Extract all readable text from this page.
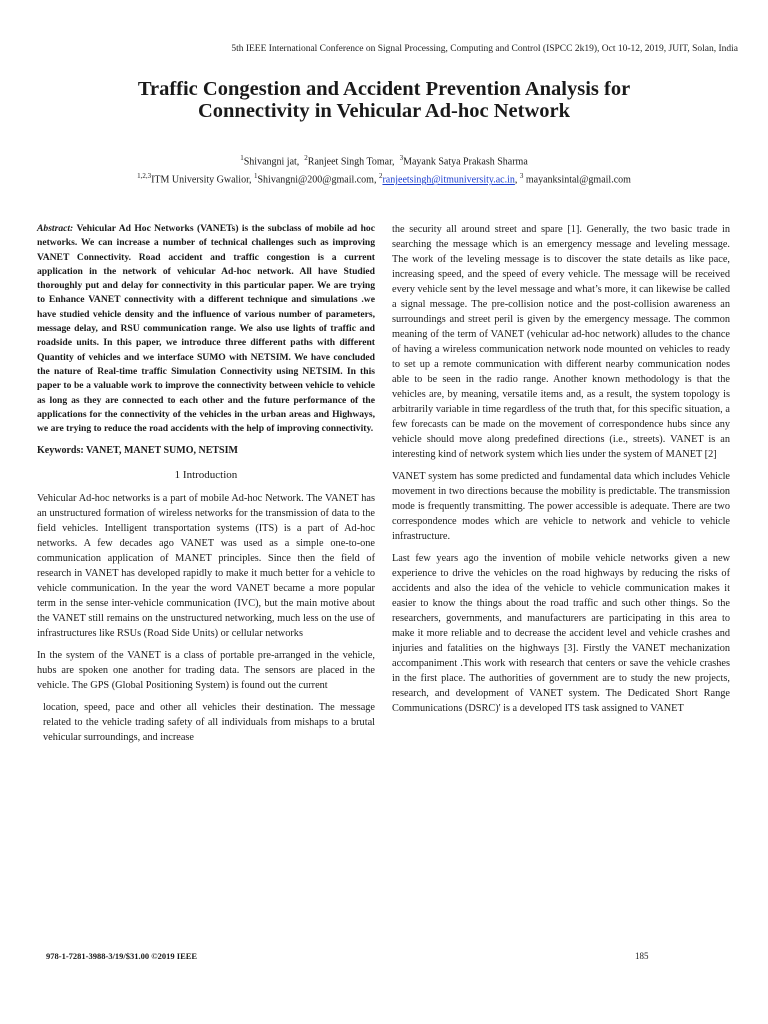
5th IEEE International Conference on Signal Processing, Computing and Control (ISPCC 2k19), Oct 10-12, 2019, JUIT, Solan, India
Traffic Congestion and Accident Prevention Analysis for
Connectivity in Vehicular Ad-hoc Network
$^1$Shivangni jat, $^2$Ranjeet Singh Tomar, $^3$Mayank Satya Prakash Sharma
$^{1,2,3}$ITM University Gwalior, $^1$Shivangni@200@gmail.com, $^2$ranjeetsingh@itmuniversity.ac.in, $^3$ mayanksintal@gmail.com

Abstract: Vehicular Ad Hoc Networks (VANETs) is the subclass of mobile ad hoc networks. We can increase a number of technical challenges such as improving VANET Connectivity. Road accident and traffic congestion is a current application in the network of vehicular Ad-hoc network. All have Studied thoroughly put and delay for connectivity in this particular paper. We are trying to Enhance VANET connectivity with a different technique and simulations .we have studied vehicle density and the influence of various number of parameters, message delay, and RSU communication range. We also use lights of traffic and roadside units. In this paper, we introduce three different paths with different Quantity of vehicles and we interface SUMO with NETSIM. We have concluded the nature of Real-time traffic Simulation Connectivity using NETSIM. In this paper to be a valuable work to improve the connectivity between vehicle to vehicle as long as they are connected to each other and the future performance of the applications for the connectivity of the vehicles in the urban areas and Highways, we are trying to reduce the road accidents with the help of improving connectivity.

Keywords: VANET, MANET SUMO, NETSIM

1 Introduction

Vehicular Ad-hoc networks is a part of mobile Ad-hoc Network. The VANET has an unstructured formation of wireless networks for the transmission of data to the field vehicles. Intelligent transportation systems (ITS) is a part of Ad-hoc networks. A few decades ago VANET was used as a simple one-to-one communication application of MANET principles. Since then the field of research in VANET has developed rapidly to make it much better for a vehicle to vehicle communication. In the year the word VANET became a more popular term in the sense inter-vehicle communication (IVC), but the main motive about the VANET still remains on the unstructured networking, much less on the use of infrastructures like RSUs (Road Side Units) or cellular networks

In the system of the VANET is a class of portable pre-arranged in the vehicle, hubs are spoken one another for trading data. The sensors are placed in the vehicle. The GPS (Global Positioning System) is found out the current

location, speed, pace and other all vehicles their destination. The message related to the vehicle trading safety of all individuals from mishaps to a brutal vehicular surroundings, and increase

the security all around street and spare [1]. Generally, the two basic trade in searching the message which is an emergency message and leveling message. The work of the leveling message is to discover the state details as like pace, increasing speed, and the speed of every vehicle. The message will be received every vehicle sent by the level message and what’s more, it can likewise be called a signal message. The pre-collision notice and the post-collision awareness an surroundings and street peril is given by the emergency message. The common meaning of the term of VANET (vehicular ad-hoc network) alludes to the chance of having a wireless communication network node mounted on vehicles to ready to set up a remote communication with different nearby communication nodes able to be seen in the radio range. Another known methodology is that the vehicles are, by meaning, versatile items and, as a result, the system topology is arbitrarily variable in time regardless of the truth that, for this specific situation, a few forecasts can be made on the movement of correspondence hubs since any vehicle should move along predefined directions (i.e., streets). VANET is an interesting kind of network system which lies under the system of MANET [2]

VANET system has some predicted and fundamental data which includes Vehicle movement in two directions because the mobility is predictable. The transmission mode is frequently transmitting. The power accessible is adequate. There are two correspondence modes which are vehicle to network and vehicle to vehicle infrastructure.

Last few years ago the invention of mobile vehicle networks given a new experience to drive the vehicles on the road highways by reducing the risks of accidents and also the idea of the vehicle to vehicle communication makes it easier to know the things about the road traffic and such other things. So the researchers, governments, and manufacturers are participating in this area to make it more reliable and to decrease the accident level and vehicle crashes and injuries and fatalities on the highways [3]. Firstly the VANET mechanization accompaniment .This work with research that centers or save the vehicle crashes in the first place. The authorities of government are to study the new projects, research, and development of VANET system. The Dedicated Short Range Communications (DSRC)' is a developed ITS task assigned to VANET

978-1-7281-3988-3/19/$31.00 ©2019 IEEE	185
